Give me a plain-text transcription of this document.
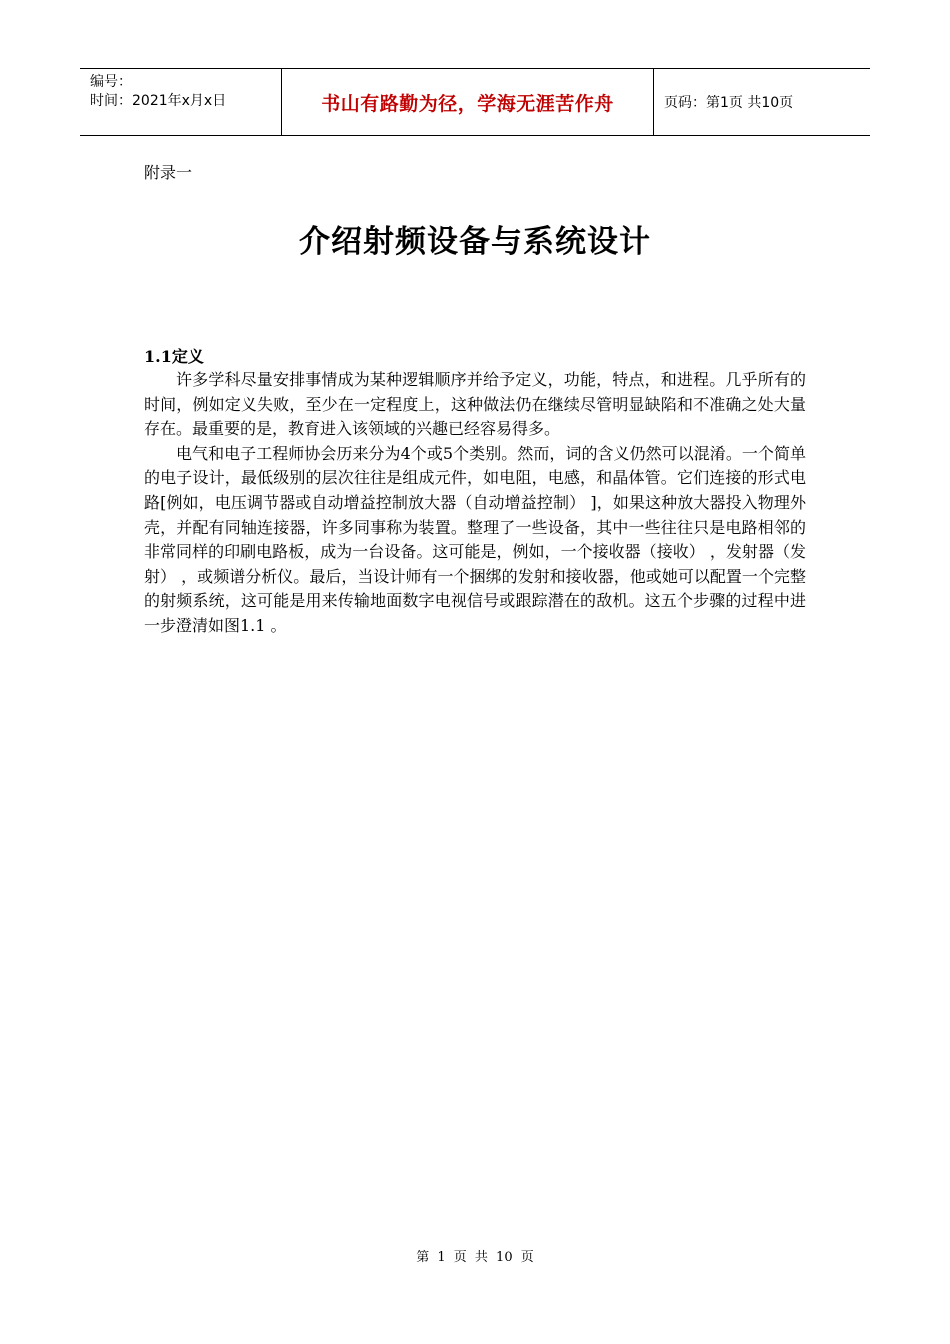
编号：
时间：2021年x月x日	书山有路勤为径，学海无涯苦作舟	页码：第1页 共10页
附录一
介绍射频设备与系统设计
1.1定义

许多学科尽量安排事情成为某种逻辑顺序并给予定义，功能，特点，和进程。几乎所有的时间，例如定义失败，至少在一定程度上，这种做法仍在继续尽管明显缺陷和不准确之处大量存在。最重要的是，教育进入该领域的兴趣已经容易得多。

电气和电子工程师协会历来分为4个或5个类别。然而，词的含义仍然可以混淆。一个简单的电子设计，最低级别的层次往往是组成元件，如电阻，电感，和晶体管。它们连接的形式电路[例如，电压调节器或自动增益控制放大器（自动增益控制） ]，如果这种放大器投入物理外壳，并配有同轴连接器，许多同事称为装置。整理了一些设备，其中一些往往只是电路相邻的非常同样的印刷电路板，成为一台设备。这可能是，例如，一个接收器（接收） ，发射器（发射） ，或频谱分析仪。最后，当设计师有一个捆绑的发射和接收器，他或她可以配置一个完整的射频系统，这可能是用来传输地面数字电视信号或跟踪潜在的敌机。这五个步骤的过程中进一步澄清如图1.1 。

第 1 页 共 10 页
